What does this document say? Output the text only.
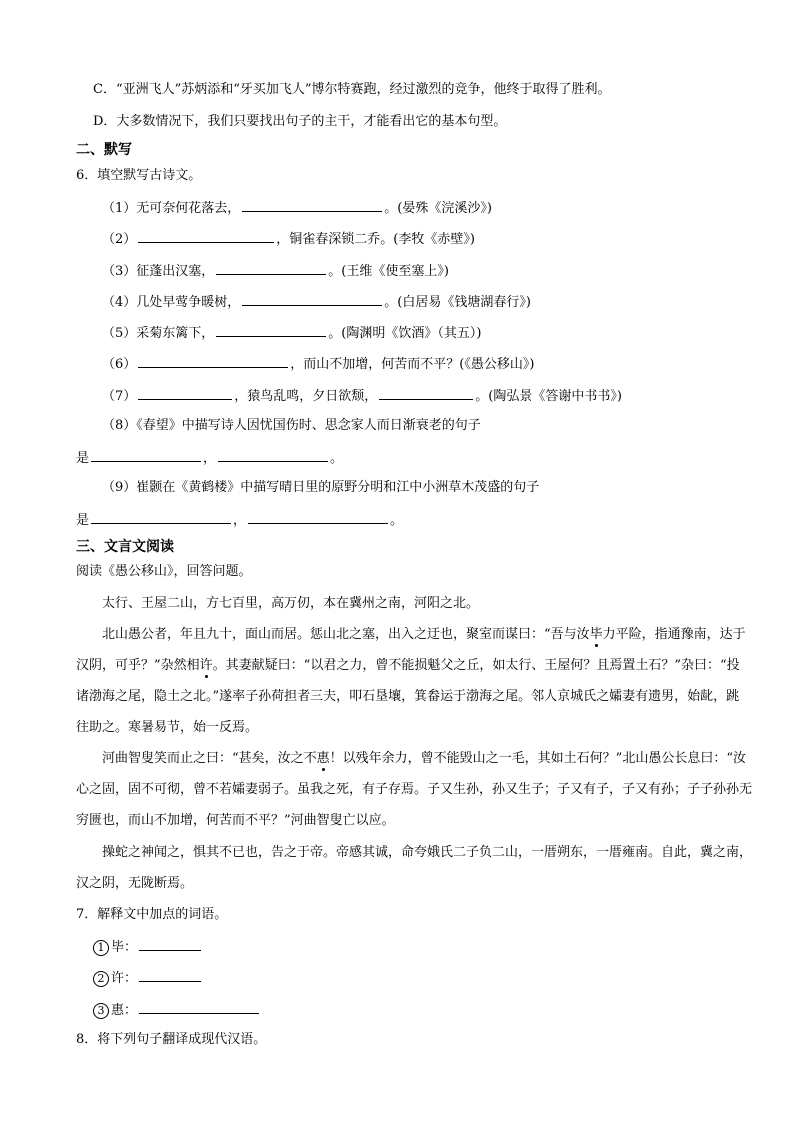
C．“亚洲飞人”苏炳添和“牙买加飞人”博尔特赛跑，经过激烈的竞争，他终于取得了胜利。
D．大多数情况下，我们只要找出句子的主干，才能看出它的基本句型。
二、默写
6．填空默写古诗文。
（1）无可奈何花落去，	。(晏殊《浣溪沙》)
（2）	，铜雀春深锁二乔。(李牧《赤壁》)
（3）征蓬出汉塞，	。(王维《使至塞上》)
（4）几处早莺争暖树，	。(白居易《钱塘湖春行》)
（5）采菊东篱下，	。(陶渊明《饮酒》（其五）)
（6）	，而山不加增，何苦而不平？(《愚公移山》)
（7）	，猿鸟乱鸣，夕日欲颓，	。(陶弘景《答谢中书书》)
（8）《春望》中描写诗人因忧国伤时、思念家人而日渐衰老的句子
是	，	。
（9）崔颢在《黄鹤楼》中描写晴日里的原野分明和江中小洲草木茂盛的句子
是	，	。
三、文言文阅读
阅读《愚公移山》，回答问题。
太行、王屋二山，方七百里，高万仞，本在冀州之南，河阳之北。
北山愚公者，年且九十，面山而居。惩山北之塞，出入之迂也，聚室而谋曰：“吾与汝毕力平险，指通豫南，达于汉阴，可乎？”杂然相许。其妻献疑曰：“以君之力，曾不能损魁父之丘，如太行、王屋何？且焉置土石？”杂曰：“投诸渤海之尾，隐土之北。”遂率子孙荷担者三夫，叩石垦壤，箕畚运于渤海之尾。邻人京城氏之孀妻有遗男，始龀，跳往助之。寒暑易节，始一反焉。
河曲智叟笑而止之曰：“甚矣，汝之不惠！以残年余力，曾不能毁山之一毛，其如土石何？”北山愚公长息曰：“汝心之固，固不可彻，曾不若孀妻弱子。虽我之死，有子存焉。子又生孙，孙又生子；子又有子，子又有孙；子子孙孙无穷匮也，而山不加增，何苦而不平？”河曲智叟亡以应。
操蛇之神闻之，惧其不已也，告之于帝。帝感其诚，命夸娥氏二子负二山，一厝朔东，一厝雍南。自此，冀之南，汉之阴，无陇断焉。
7．解释文中加点的词语。
1 毕：
2 许：
3 惠：
8．将下列句子翻译成现代汉语。
